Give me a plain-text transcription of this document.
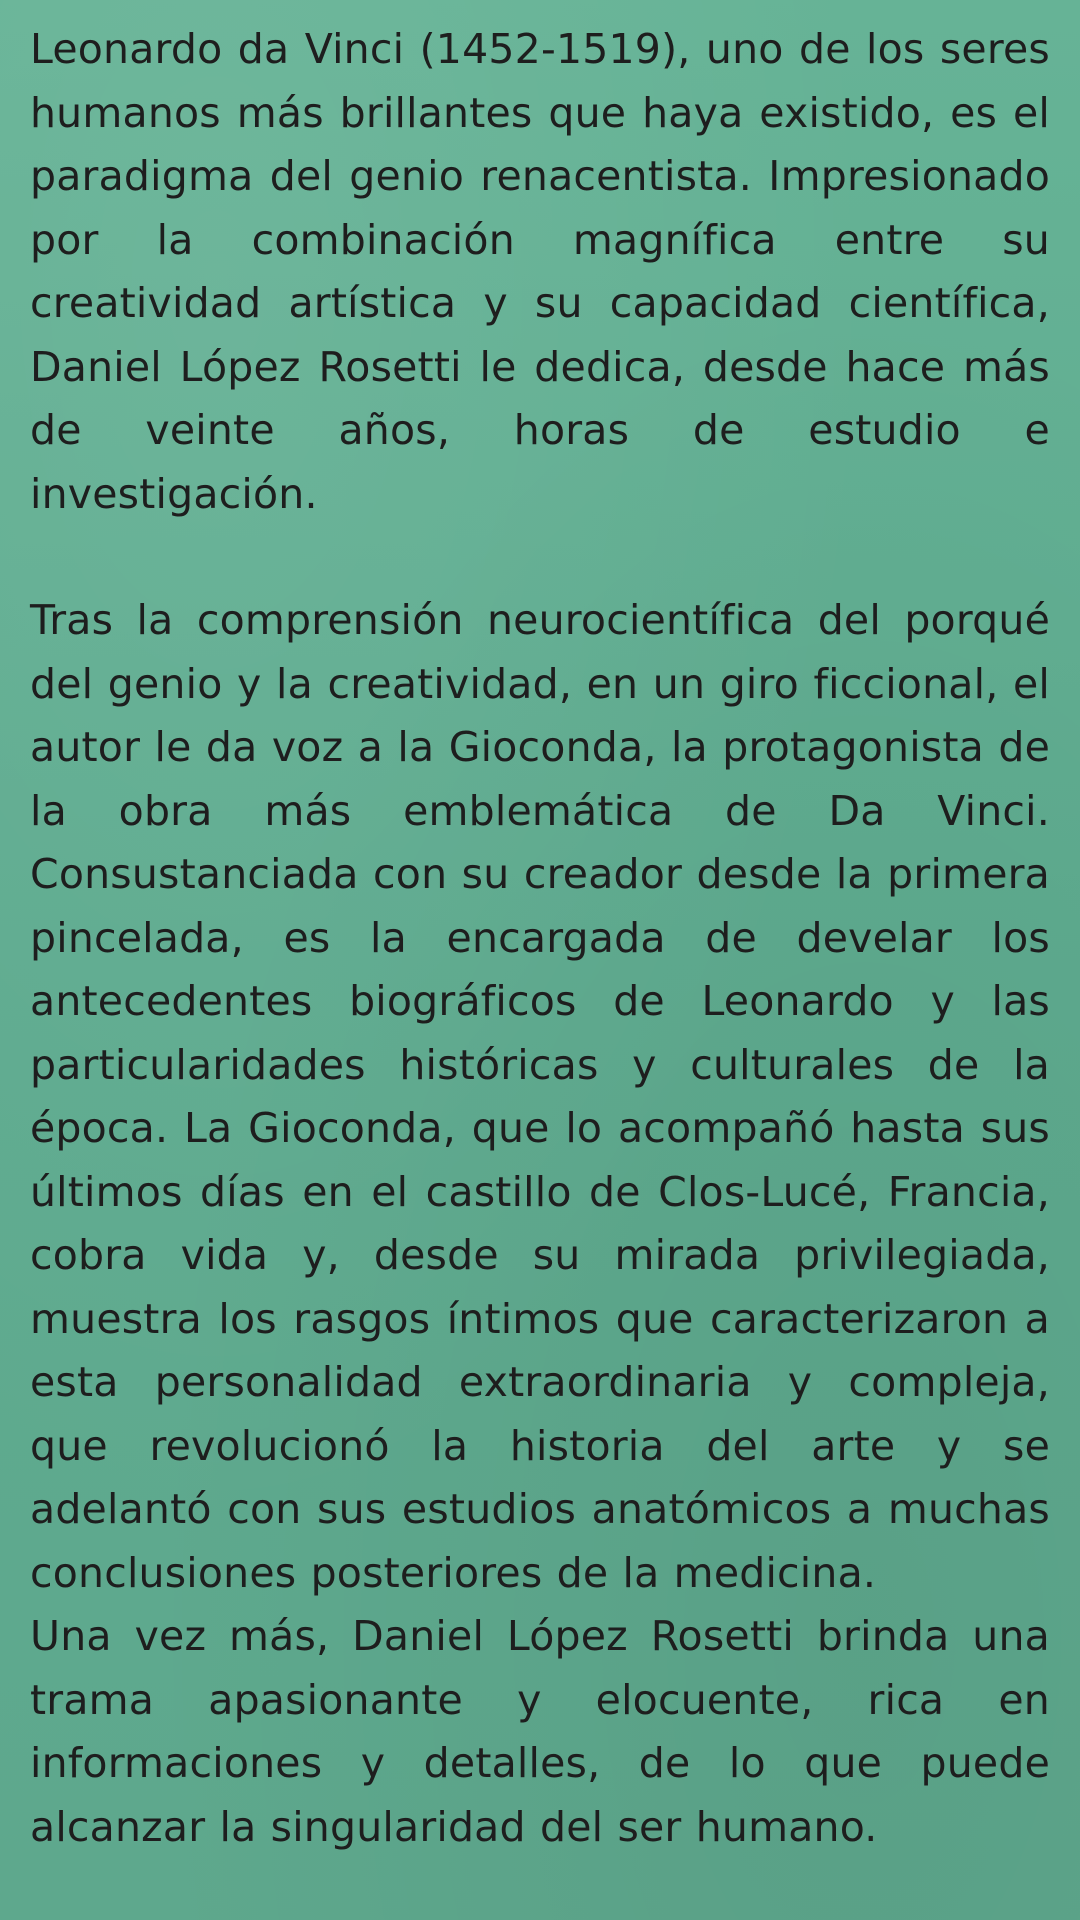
Leonardo da Vinci (1452-1519), uno de los seres humanos más brillantes que haya existido, es el paradigma del genio renacentista. Impresionado por la combinación magnífica entre su creatividad artística y su capacidad científica, Daniel López Rosetti le dedica, desde hace más de veinte años, horas de estudio e investigación.

Tras la comprensión neurocientífica del porqué del genio y la creatividad, en un giro ficcional, el autor le da voz a la Gioconda, la protagonista de la obra más emblemática de Da Vinci. Consustanciada con su creador desde la primera pincelada, es la encargada de develar los antecedentes biográficos de Leonardo y las particularidades históricas y culturales de la época. La Gioconda, que lo acompañó hasta sus últimos días en el castillo de Clos-Lucé, Francia, cobra vida y, desde su mirada privilegiada, muestra los rasgos íntimos que caracterizaron a esta personalidad extraordinaria y compleja, que revolucionó la historia del arte y se adelantó con sus estudios anatómicos a muchas conclusiones posteriores de la medicina.

Una vez más, Daniel López Rosetti brinda una trama apasionante y elocuente, rica en informaciones y detalles, de lo que puede alcanzar la singularidad del ser humano.
